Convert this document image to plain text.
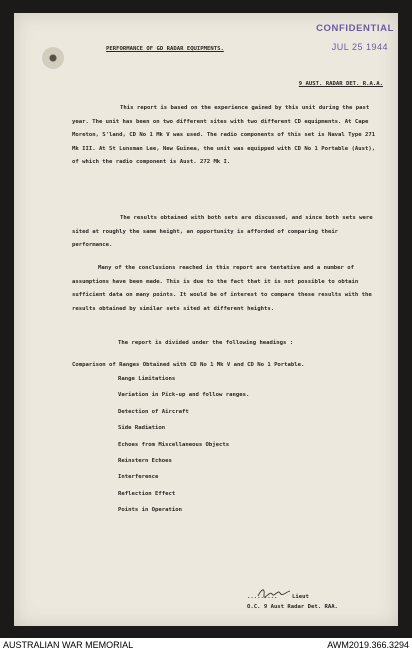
CONFIDENTIAL
JUL 25 1944
PERFORMANCE OF GD RADAR EQUIPMENTS.
9 AUST. RADAR DET. R.A.A.
This report is based on the experience gained by this unit during the past year. The unit has been on two different sites with two different CD equipments. At Cape Moreton, S'land, CD No 1 Mk V was used. The radio components of this set is Naval Type 271 Mk III. At St Lunsman Lee, New Guinea, the unit was equipped with CD No 1 Portable (Aust), of which the radio component is Aust. 272 Mk I.
The results obtained with both sets are discussed, and since both sets were sited at roughly the same height, an opportunity is afforded of comparing their performance.
Many of the conclusions reached in this report are tentative and a number of assumptions have been made. This is due to the fact that it is not possible to obtain sufficient data on many points. It would be of interest to compare these results with the results obtained by similar sets sited at different heights.
The report is divided under the following headings :
Comparison of Ranges Obtained with CD No 1 Mk V and CD No 1 Portable.
Range Limitations
Variation in Pick-up and follow ranges.
Detection of Aircraft
Side Radiation
Echoes from Miscellaneous Objects
Reinstern Echoes
Interference
Reflection Effect
Points in Operation
.........	Lieut
O.C. 9 Aust Radar Det. RAA.
AUSTRALIAN WAR MEMORIAL	AWM2019.366.3294
